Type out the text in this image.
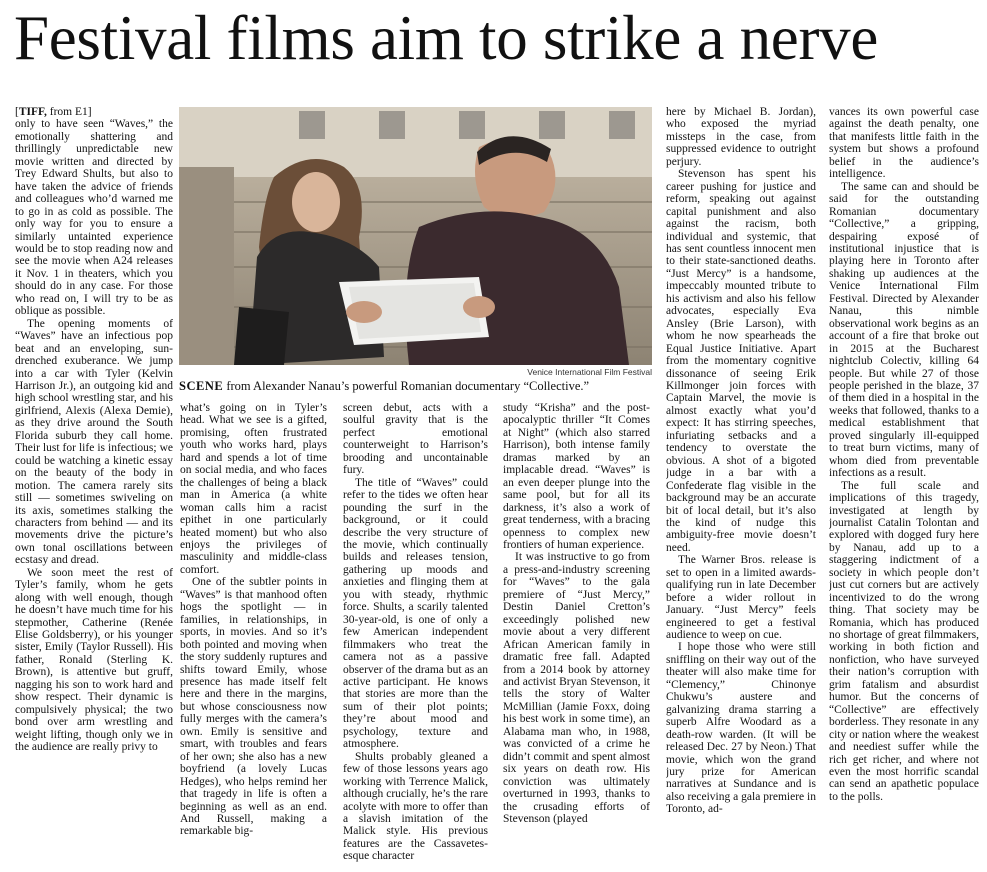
Festival films aim to strike a nerve

[TIFF, from E1]

only to have seen “Waves,” the emotionally shattering and thrillingly unpredictable new movie written and directed by Trey Edward Shults, but also to have taken the advice of friends and colleagues who’d warned me to go in as cold as possible. The only way for you to ensure a similarly untainted experience would be to stop reading now and see the movie when A24 releases it Nov. 1 in theaters, which you should do in any case. For those who read on, I will try to be as oblique as possible.

The opening moments of “Waves” have an infectious pop beat and an enveloping, sun-drenched exuberance. We jump into a car with Tyler (Kelvin Harrison Jr.), an outgoing kid and high school wrestling star, and his girlfriend, Alexis (Alexa Demie), as they drive around the South Florida suburb they call home. Their lust for life is infectious; we could be watching a kinetic essay on the beauty of the body in motion. The camera rarely sits still — sometimes swiveling on its axis, sometimes stalking the characters from behind — and its movements drive the picture’s own tonal oscillations between ecstasy and dread.

We soon meet the rest of Tyler’s family, whom he gets along with well enough, though he doesn’t have much time for his stepmother, Catherine (Renée Elise Goldsberry), or his younger sister, Emily (Taylor Russell). His father, Ronald (Sterling K. Brown), is attentive but gruff, nagging his son to work hard and show respect. Their dynamic is compulsively physical; the two bond over arm wrestling and weight lifting, though only we in the audience are really privy to

Venice International Film Festival
SCENE from Alexander Nanau’s powerful Romanian documentary “Collective.”

what’s going on in Tyler’s head. What we see is a gifted, promising, often frustrated youth who works hard, plays hard and spends a lot of time on social media, and who faces the challenges of being a black man in America (a white woman calls him a racist epithet in one particularly heated moment) but who also enjoys the privileges of masculinity and middle-class comfort.

One of the subtler points in “Waves” is that manhood often hogs the spotlight — in families, in relationships, in sports, in movies. And so it’s both pointed and moving when the story suddenly ruptures and shifts toward Emily, whose presence has made itself felt here and there in the margins, but whose consciousness now fully merges with the camera’s own. Emily is sensitive and smart, with troubles and fears of her own; she also has a new boyfriend (a lovely Lucas Hedges), who helps remind her that tragedy in life is often a beginning as well as an end. And Russell, making a remarkable big-

screen debut, acts with a soulful gravity that is the perfect emotional counterweight to Harrison’s brooding and uncontainable fury.

The title of “Waves” could refer to the tides we often hear pounding the surf in the background, or it could describe the very structure of the movie, which continually builds and releases tension, gathering up moods and anxieties and flinging them at you with steady, rhythmic force. Shults, a scarily talented 30-year-old, is one of only a few American independent filmmakers who treat the camera not as a passive observer of the drama but as an active participant. He knows that stories are more than the sum of their plot points; they’re about mood and psychology, texture and atmosphere.

Shults probably gleaned a few of those lessons years ago working with Terrence Malick, although crucially, he’s the rare acolyte with more to offer than a slavish imitation of the Malick style. His previous features are the Cassavetes-esque character

study “Krisha” and the post-apocalyptic thriller “It Comes at Night” (which also starred Harrison), both intense family dramas marked by an implacable dread. “Waves” is an even deeper plunge into the same pool, but for all its darkness, it’s also a work of great tenderness, with a bracing openness to complex new frontiers of human experience.

It was instructive to go from a press-and-industry screening for “Waves” to the gala premiere of “Just Mercy,” Destin Daniel Cretton’s exceedingly polished new movie about a very different African American family in dramatic free fall. Adapted from a 2014 book by attorney and activist Bryan Stevenson, it tells the story of Walter McMillian (Jamie Foxx, doing his best work in some time), an Alabama man who, in 1988, was convicted of a crime he didn’t commit and spent almost six years on death row. His conviction was ultimately overturned in 1993, thanks to the crusading efforts of Stevenson (played

here by Michael B. Jordan), who exposed the myriad missteps in the case, from suppressed evidence to outright perjury.

Stevenson has spent his career pushing for justice and reform, speaking out against capital punishment and also against the racism, both individual and systemic, that has sent countless innocent men to their state-sanctioned deaths. “Just Mercy” is a handsome, impeccably mounted tribute to his activism and also his fellow advocates, especially Eva Ansley (Brie Larson), with whom he now spearheads the Equal Justice Initiative. Apart from the momentary cognitive dissonance of seeing Erik Killmonger join forces with Captain Marvel, the movie is almost exactly what you’d expect: It has stirring speeches, infuriating setbacks and a tendency to overstate the obvious. A shot of a bigoted judge in a bar with a Confederate flag visible in the background may be an accurate bit of local detail, but it’s also the kind of nudge this ambiguity-free movie doesn’t need.

The Warner Bros. release is set to open in a limited awards-qualifying run in late December before a wider rollout in January. “Just Mercy” feels engineered to get a festival audience to weep on cue.

I hope those who were still sniffling on their way out of the theater will also make time for “Clemency,” Chinonye Chukwu’s austere and galvanizing drama starring a superb Alfre Woodard as a death-row warden. (It will be released Dec. 27 by Neon.) That movie, which won the grand jury prize for American narratives at Sundance and is also receiving a gala premiere in Toronto, ad-

vances its own powerful case against the death penalty, one that manifests little faith in the system but shows a profound belief in the audience’s intelligence.

The same can and should be said for the outstanding Romanian documentary “Collective,” a gripping, despairing exposé of institutional injustice that is playing here in Toronto after shaking up audiences at the Venice International Film Festival. Directed by Alexander Nanau, this nimble observational work begins as an account of a fire that broke out in 2015 at the Bucharest nightclub Colectiv, killing 64 people. But while 27 of those people perished in the blaze, 37 of them died in a hospital in the weeks that followed, thanks to a medical establishment that proved singularly ill-equipped to treat burn victims, many of whom died from preventable infections as a result.

The full scale and implications of this tragedy, investigated at length by journalist Catalin Tolontan and explored with dogged fury here by Nanau, add up to a staggering indictment of a society in which people don’t just cut corners but are actively incentivized to do the wrong thing. That society may be Romania, which has produced no shortage of great filmmakers, working in both fiction and nonfiction, who have surveyed their nation’s corruption with grim fatalism and absurdist humor. But the concerns of “Collective” are effectively borderless. They resonate in any city or nation where the weakest and neediest suffer while the rich get richer, and where not even the most horrific scandal can send an apathetic populace to the polls.
